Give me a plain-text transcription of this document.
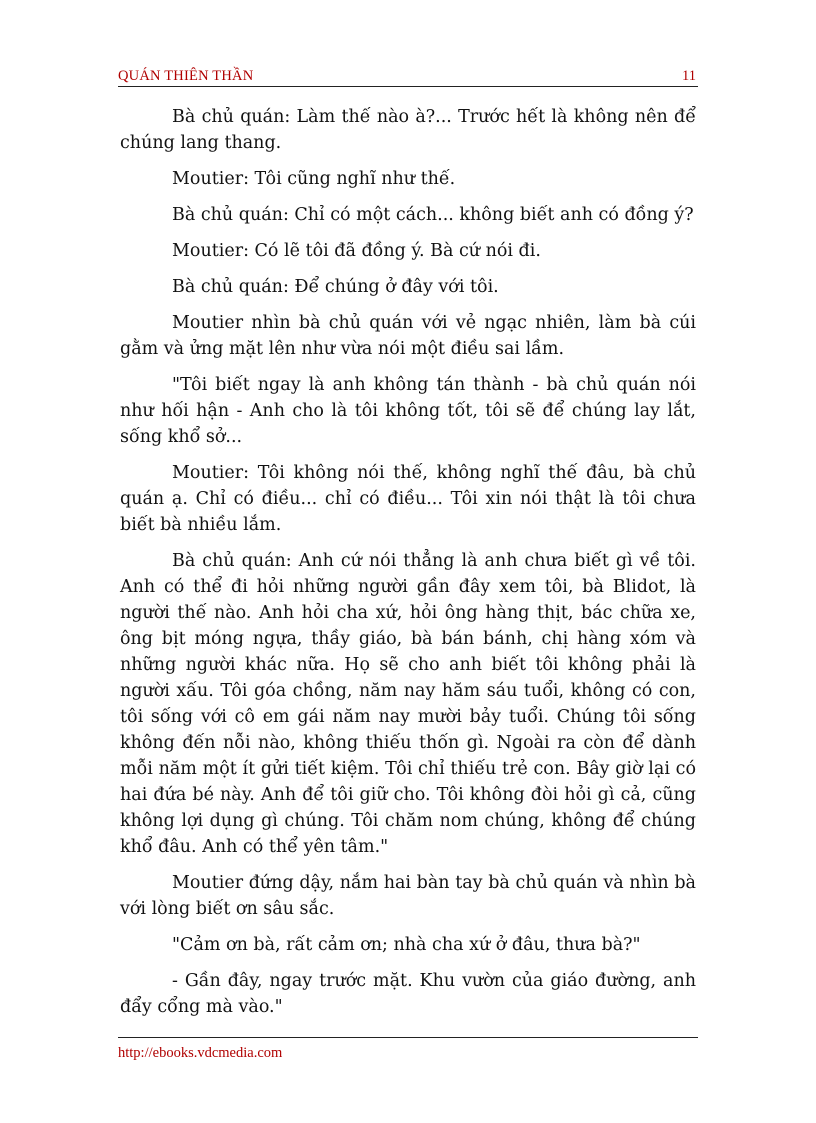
QUÁN THIÊN THẦN	11

Bà chủ quán: Làm thế nào à?... Trước hết là không nên để chúng lang thang.

Moutier: Tôi cũng nghĩ như thế.

Bà chủ quán: Chỉ có một cách... không biết anh có đồng ý?

Moutier: Có lẽ tôi đã đồng ý. Bà cứ nói đi.

Bà chủ quán: Để chúng ở đây với tôi.

Moutier nhìn bà chủ quán với vẻ ngạc nhiên, làm bà cúi gằm và ửng mặt lên như vừa nói một điều sai lầm.

"Tôi biết ngay là anh không tán thành - bà chủ quán nói như hối hận - Anh cho là tôi không tốt, tôi sẽ để chúng lay lắt, sống khổ sở...

Moutier: Tôi không nói thế, không nghĩ thế đâu, bà chủ quán ạ. Chỉ có điều... chỉ có điều... Tôi xin nói thật là tôi chưa biết bà nhiều lắm.

Bà chủ quán: Anh cứ nói thẳng là anh chưa biết gì về tôi. Anh có thể đi hỏi những người gần đây xem tôi, bà Blidot, là người thế nào. Anh hỏi cha xứ, hỏi ông hàng thịt, bác chữa xe, ông bịt móng ngựa, thầy giáo, bà bán bánh, chị hàng xóm và những người khác nữa. Họ sẽ cho anh biết tôi không phải là người xấu. Tôi góa chồng, năm nay hăm sáu tuổi, không có con, tôi sống với cô em gái năm nay mười bảy tuổi. Chúng tôi sống không đến nỗi nào, không thiếu thốn gì. Ngoài ra còn để dành mỗi năm một ít gửi tiết kiệm. Tôi chỉ thiếu trẻ con. Bây giờ lại có hai đứa bé này. Anh để tôi giữ cho. Tôi không đòi hỏi gì cả, cũng không lợi dụng gì chúng. Tôi chăm nom chúng, không để chúng khổ đâu. Anh có thể yên tâm."

Moutier đứng dậy, nắm hai bàn tay bà chủ quán và nhìn bà với lòng biết ơn sâu sắc.

"Cảm ơn bà, rất cảm ơn; nhà cha xứ ở đâu, thưa bà?"

- Gần đây, ngay trước mặt. Khu vườn của giáo đường, anh đẩy cổng mà vào."

http://ebooks.vdcmedia.com
